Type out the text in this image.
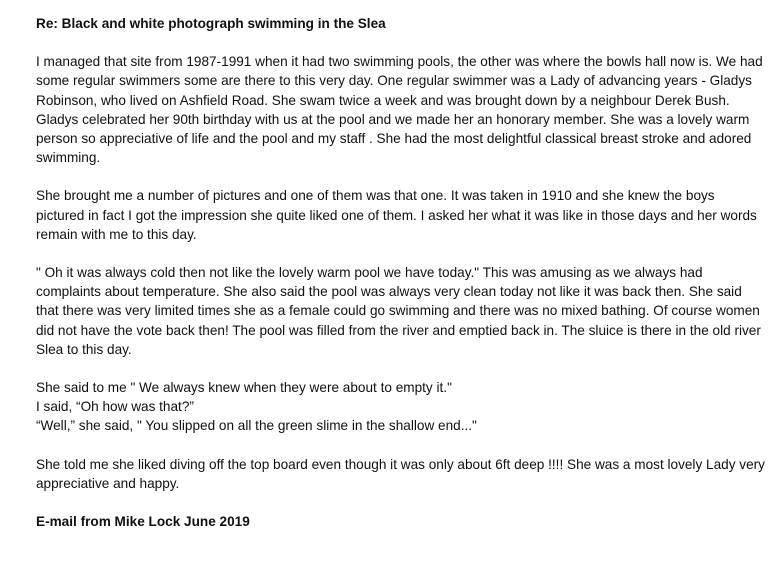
Re: Black and white photograph swimming in the Slea

I managed that site from 1987-1991 when it had two swimming pools, the other was where the bowls hall now is. We had some regular swimmers some are there to this very day. One regular swimmer was a Lady of advancing years - Gladys Robinson, who lived on Ashfield Road. She swam twice a week and was brought down by a neighbour Derek Bush. Gladys celebrated her 90th birthday with us at the pool and we made her an honorary member. She was a lovely warm person so appreciative of life and the pool and my staff . She had the most delightful classical breast stroke and adored swimming.

She brought me a number of pictures and one of them was that one. It was taken in 1910 and she knew the boys pictured in fact I got the impression she quite liked one of them. I asked her what it was like in those days and her words remain with me to this day.

" Oh it was always cold then not like the lovely warm pool we have today." This was amusing as we always had complaints about temperature. She also said the pool was always very clean today not like it was back then. She said that there was very limited times she as a female could go swimming and there was no mixed bathing. Of course women did not have the vote back then! The pool was filled from the river and emptied back in. The sluice is there in the old river Slea to this day.

She said to me " We always knew when they were about to empty it."
I said, “Oh how was that?”
“Well,” she said, " You slipped on all the green slime in the shallow end..."

She told me she liked diving off the top board even though it was only about 6ft deep !!!! She was a most lovely Lady very appreciative and happy.

E-mail from Mike Lock June 2019
